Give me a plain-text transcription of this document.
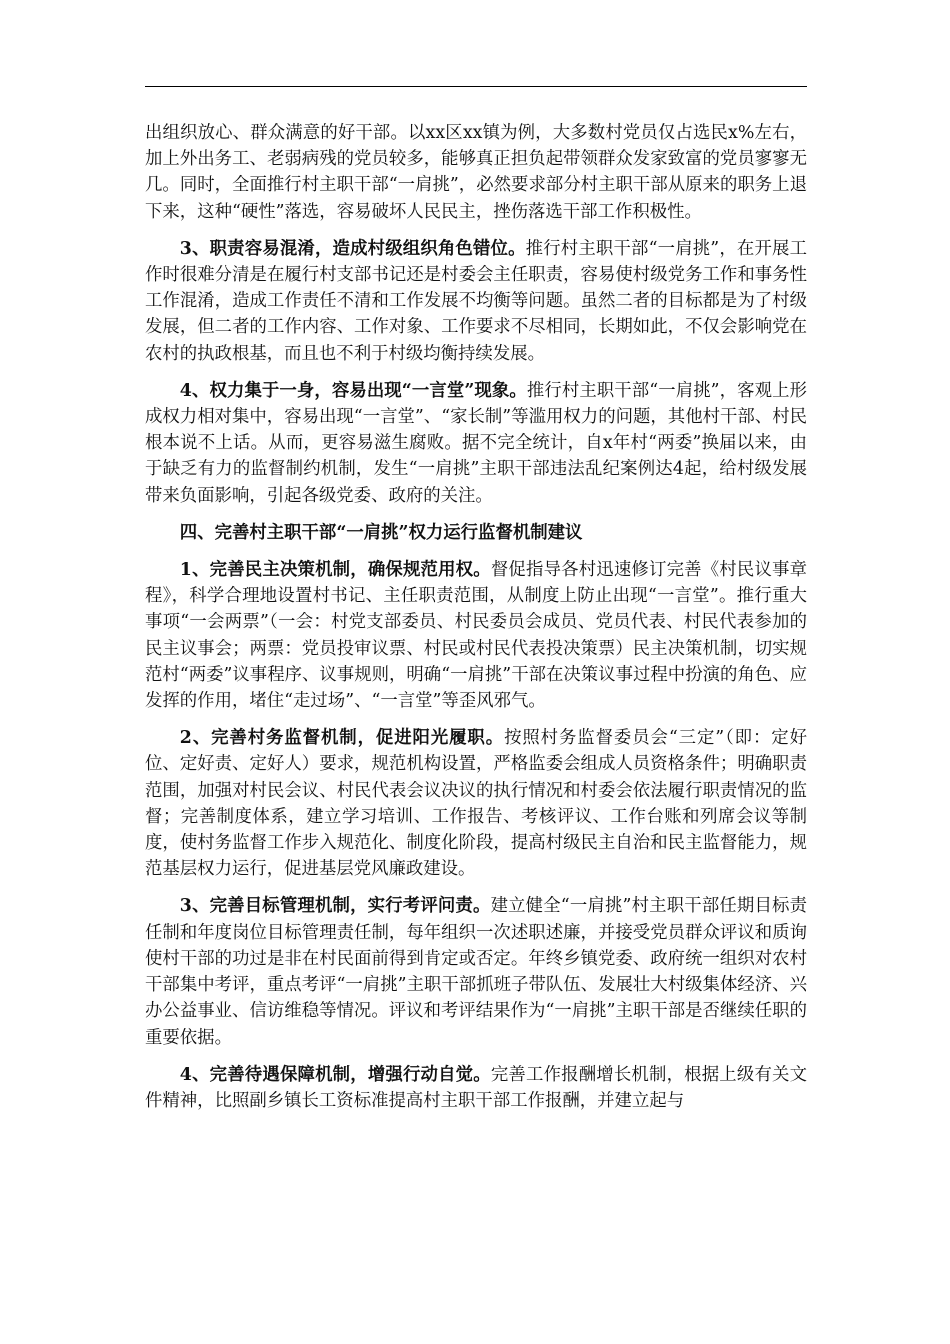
出组织放心、群众满意的好干部。以xx区xx镇为例，大多数村党员仅占选民x%左右，加上外出务工、老弱病残的党员较多，能够真正担负起带领群众发家致富的党员寥寥无几。同时，全面推行村主职干部“一肩挑”，必然要求部分村主职干部从原来的职务上退下来，这种“硬性”落选，容易破坏人民民主，挫伤落选干部工作积极性。

3、职责容易混淆，造成村级组织角色错位。推行村主职干部“一肩挑”，在开展工作时很难分清是在履行村支部书记还是村委会主任职责，容易使村级党务工作和事务性工作混淆，造成工作责任不清和工作发展不均衡等问题。虽然二者的目标都是为了村级发展，但二者的工作内容、工作对象、工作要求不尽相同，长期如此，不仅会影响党在农村的执政根基，而且也不利于村级均衡持续发展。

4、权力集于一身，容易出现“一言堂”现象。推行村主职干部“一肩挑”，客观上形成权力相对集中，容易出现“一言堂”、“家长制”等滥用权力的问题，其他村干部、村民根本说不上话。从而，更容易滋生腐败。据不完全统计，自x年村“两委”换届以来，由于缺乏有力的监督制约机制，发生“一肩挑”主职干部违法乱纪案例达4起，给村级发展带来负面影响，引起各级党委、政府的关注。

四、完善村主职干部“一肩挑”权力运行监督机制建议

1、完善民主决策机制，确保规范用权。督促指导各村迅速修订完善《村民议事章程》，科学合理地设置村书记、主任职责范围，从制度上防止出现“一言堂”。推行重大事项“一会两票”（一会：村党支部委员、村民委员会成员、党员代表、村民代表参加的民主议事会；两票：党员投审议票、村民或村民代表投决策票）民主决策机制，切实规范村“两委”议事程序、议事规则，明确“一肩挑”干部在决策议事过程中扮演的角色、应发挥的作用，堵住“走过场”、“一言堂”等歪风邪气。

2、完善村务监督机制，促进阳光履职。按照村务监督委员会“三定”（即：定好位、定好责、定好人）要求，规范机构设置，严格监委会组成人员资格条件；明确职责范围，加强对村民会议、村民代表会议决议的执行情况和村委会依法履行职责情况的监督；完善制度体系，建立学习培训、工作报告、考核评议、工作台账和列席会议等制度，使村务监督工作步入规范化、制度化阶段，提高村级民主自治和民主监督能力，规范基层权力运行，促进基层党风廉政建设。

3、完善目标管理机制，实行考评问责。建立健全“一肩挑”村主职干部任期目标责任制和年度岗位目标管理责任制，每年组织一次述职述廉，并接受党员群众评议和质询使村干部的功过是非在村民面前得到肯定或否定。年终乡镇党委、政府统一组织对农村干部集中考评，重点考评“一肩挑”主职干部抓班子带队伍、发展壮大村级集体经济、兴办公益事业、信访维稳等情况。评议和考评结果作为“一肩挑”主职干部是否继续任职的重要依据。

4、完善待遇保障机制，增强行动自觉。完善工作报酬增长机制，根据上级有关文件精神，比照副乡镇长工资标准提高村主职干部工作报酬，并建立起与
